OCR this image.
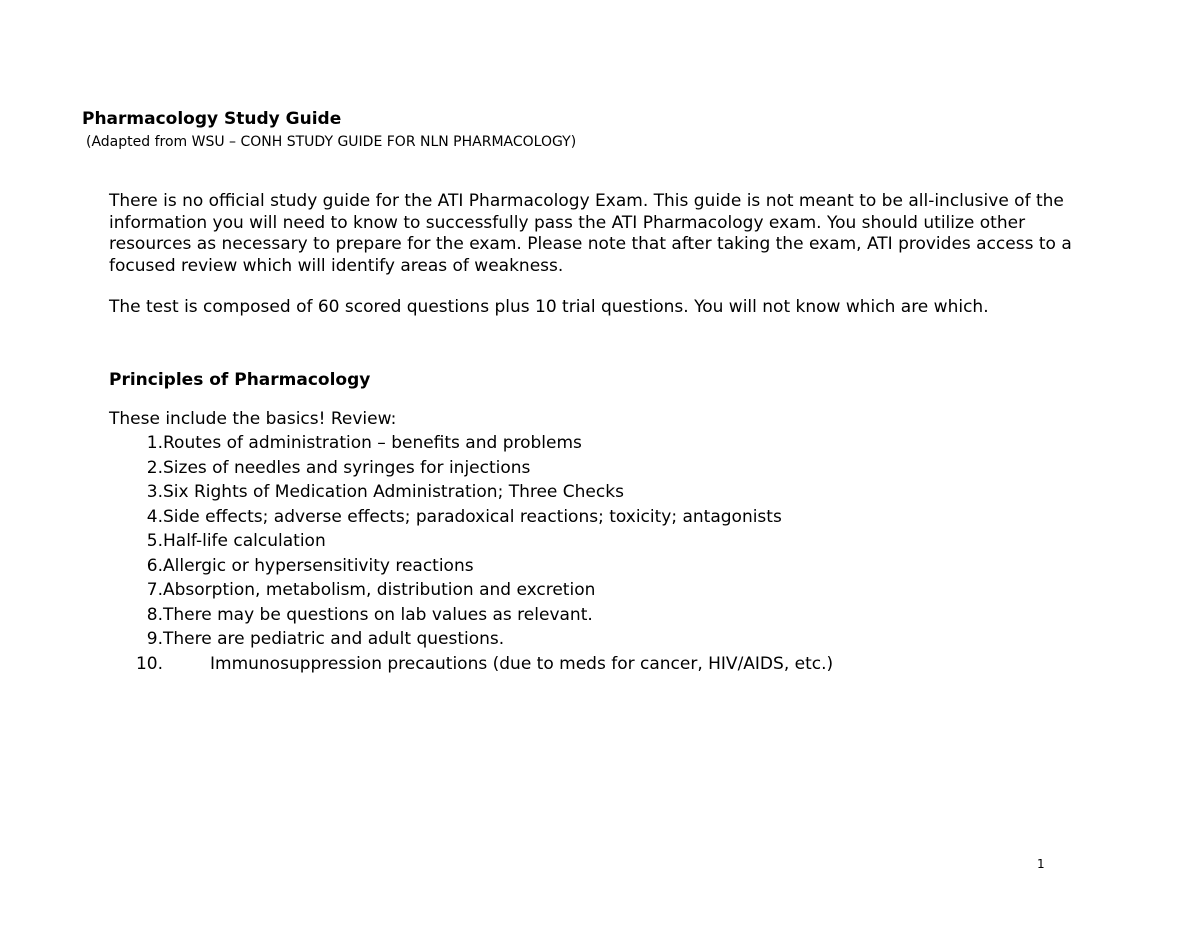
Pharmacology Study Guide

(Adapted from WSU – CONH STUDY GUIDE FOR NLN PHARMACOLOGY)

There is no official study guide for the ATI Pharmacology Exam. This guide is not meant to be all-inclusive of the information you will need to know to successfully pass the ATI Pharmacology exam. You should utilize other resources as necessary to prepare for the exam. Please note that after taking the exam, ATI provides access to a focused review which will identify areas of weakness.

The test is composed of 60 scored questions plus 10 trial questions. You will not know which are which.

Principles of Pharmacology

These include the basics! Review:

1. Routes of administration – benefits and problems
2. Sizes of needles and syringes for injections
3. Six Rights of Medication Administration; Three Checks
4. Side effects; adverse effects; paradoxical reactions; toxicity; antagonists
5. Half-life calculation
6. Allergic or hypersensitivity reactions
7. Absorption, metabolism, distribution and excretion
8. There may be questions on lab values as relevant.
9. There are pediatric and adult questions.
10.	Immunosuppression precautions (due to meds for cancer, HIV/AIDS, etc.)

1
